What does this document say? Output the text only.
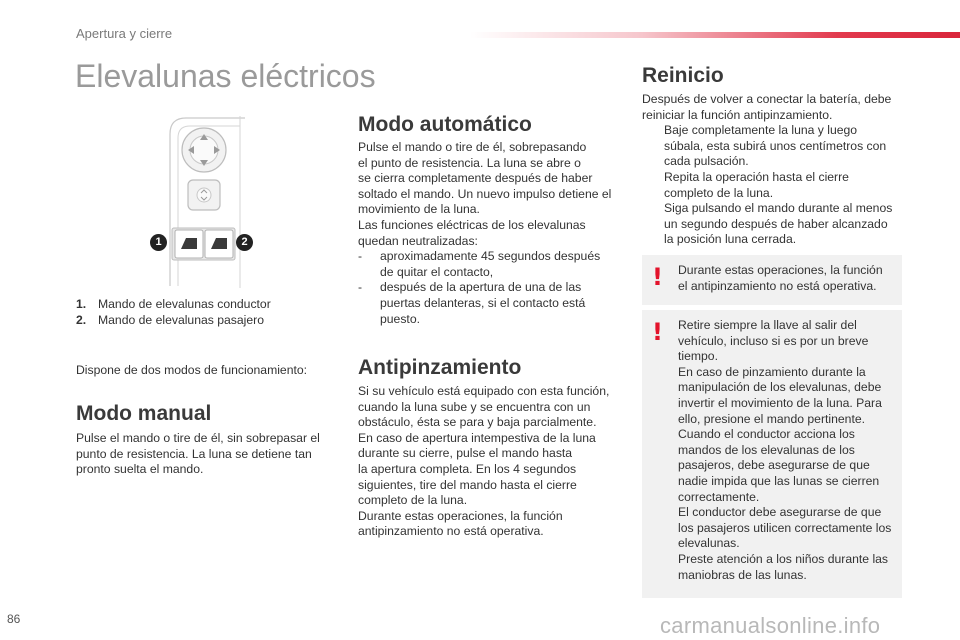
Apertura y cierre
Elevalunas eléctricos
1	2
1. Mando de elevalunas conductor
2. Mando de elevalunas pasajero
Dispone de dos modos de funcionamiento:
Modo manual

Pulse el mando o tire de él, sin sobrepasar el

punto de resistencia. La luna se detiene tan

pronto suelta el mando.

Modo automático

Pulse el mando o tire de él, sobrepasando

el punto de resistencia. La luna se abre o

se cierra completamente después de haber

soltado el mando. Un nuevo impulso detiene el

movimiento de la luna.

Las funciones eléctricas de los elevalunas

quedan neutralizadas:

- aproximadamente 45 segundos después
de quitar el contacto,
- después de la apertura de una de las
puertas delanteras, si el contacto está
puesto.
Antipinzamiento

Si su vehículo está equipado con esta función,

cuando la luna sube y se encuentra con un

obstáculo, ésta se para y baja parcialmente.

En caso de apertura intempestiva de la luna

durante su cierre, pulse el mando hasta

la apertura completa. En los 4 segundos

siguientes, tire del mando hasta el cierre

completo de la luna.

Durante estas operaciones, la función

antipinzamiento no está operativa.

Reinicio

Después de volver a conectar la batería, debe

reiniciar la función antipinzamiento.

Baje completamente la luna y luego
súbala, esta subirá unos centímetros con
cada pulsación.
Repita la operación hasta el cierre
completo de la luna.
Siga pulsando el mando durante al menos
un segundo después de haber alcanzado
la posición luna cerrada.
! Durante estas operaciones, la función
el antipinzamiento no está operativa.
! Retire siempre la llave al salir del
vehículo, incluso si es por un breve
tiempo.
En caso de pinzamiento durante la
manipulación de los elevalunas, debe
invertir el movimiento de la luna. Para
ello, presione el mando pertinente.
Cuando el conductor acciona los
mandos de los elevalunas de los
pasajeros, debe asegurarse de que
nadie impida que las lunas se cierren
correctamente.
El conductor debe asegurarse de que
los pasajeros utilicen correctamente los
elevalunas.
Preste atención a los niños durante las
maniobras de las lunas.
86	carmanualsonline.info
